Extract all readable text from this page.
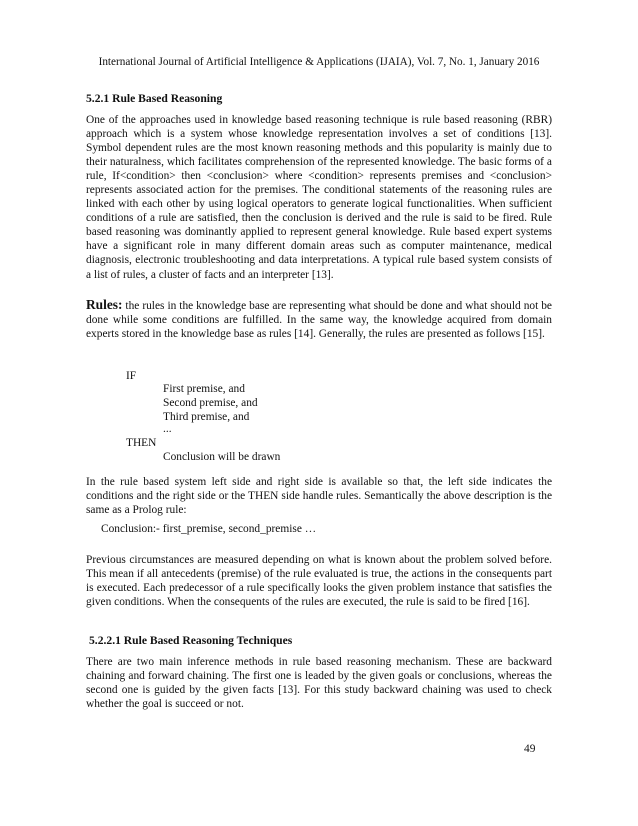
International Journal of Artificial Intelligence & Applications (IJAIA), Vol. 7, No. 1, January 2016
5.2.1 Rule Based Reasoning

One of the approaches used in knowledge based reasoning technique is rule based reasoning (RBR) approach which is a system whose knowledge representation involves a set of conditions [13]. Symbol dependent rules are the most known reasoning methods and this popularity is mainly due to their naturalness, which facilitates comprehension of the represented knowledge. The basic forms of a rule, If<condition> then <conclusion> where <condition> represents premises and <conclusion> represents associated action for the premises. The conditional statements of the reasoning rules are linked with each other by using logical operators to generate logical functionalities. When sufficient conditions of a rule are satisfied, then the conclusion is derived and the rule is said to be fired. Rule based reasoning was dominantly applied to represent general knowledge. Rule based expert systems have a significant role in many different domain areas such as computer maintenance, medical diagnosis, electronic troubleshooting and data interpretations. A typical rule based system consists of a list of rules, a cluster of facts and an interpreter [13].

Rules: the rules in the knowledge base are representing what should be done and what should not be done while some conditions are fulfilled. In the same way, the knowledge acquired from domain experts stored in the knowledge base as rules [14]. Generally, the rules are presented as follows [15].

IF
First premise, and
Second premise, and
Third premise, and
...
THEN
Conclusion will be drawn

In the rule based system left side and right side is available so that, the left side indicates the conditions and the right side or the THEN side handle rules. Semantically the above description is the same as a Prolog rule:

Conclusion:- first_premise, second_premise …

Previous circumstances are measured depending on what is known about the problem solved before. This mean if all antecedents (premise) of the rule evaluated is true, the actions in the consequents part is executed. Each predecessor of a rule specifically looks the given problem instance that satisfies the given conditions. When the consequents of the rules are executed, the rule is said to be fired [16].

5.2.2.1 Rule Based Reasoning Techniques

There are two main inference methods in rule based reasoning mechanism. These are backward chaining and forward chaining. The first one is leaded by the given goals or conclusions, whereas the second one is guided by the given facts [13]. For this study backward chaining was used to check whether the goal is succeed or not.

49
